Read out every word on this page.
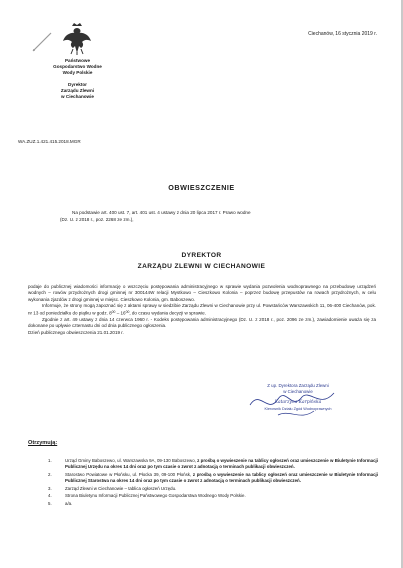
Państwowe
Gospodarstwo Wodne
Wody Polskie
Dyrektor
Zarządu Zlewni
w Ciechanowie
WA.ZUZ.1.421.415.2018.MGR
Ciechanów, 16 stycznia 2019 r.
OBWIESZCZENIE
Na podstawie art. 400 ust. 7, art. 401 ust. 4 ustawy z dnia 20 lipca 2017 r. Prawo wodne
(Dz. U. z 2018 r., poz. 2268 ze zm.),
DYREKTOR
ZARZĄDU ZLEWNI W CIECHANOWIE

podaje do publicznej wiadomości informację o wszczęciu postępowania administracyjnego w sprawie wydania pozwolenia wodnoprawnego na przebudowę urządzeń wodnych – rowów przydrożnych drogi gminnej nr 300144W relacji Mystkowo – Cieszkowo Kolonia – poprzez budowę przepustów na rowach przydrożnych, w celu wykonania zjazdów z drogi gminnej w miejsc. Cieszkowo Kolonia, gm. Baboszewo.

Informuje, że strony mogą zapoznać się z aktami sprawy w siedzibie Zarządu Zlewni w Ciechanowie przy ul. Powstańców Warszawskich 11, 06-400 Ciechanów, pok. nr 13 od poniedziałku do piątku w godz. $8^{00} - 16^{00}$, do czasu wydania decyzji w sprawie.

Zgodnie z art. 49 ustawy z dnia 14 czerwca 1960 r. - Kodeks postępowania administracyjnego (Dz. U. z 2018 r., poz. 2096 ze zm.), zawiadomienie uważa się za dokonane po upływie czternastu dni od dnia publicznego ogłoszenia.

Dzień publicznego obwieszczenia 21.01.2019 r.

Z up. Dyrektora Zarządu Zlewni
w Ciechanowie
Katarzyna Karpińska
Kierownik Działu Zgód Wodnoprawnych
Otrzymują:
1.	Urząd Gminy Baboszewo, ul. Warszawska 9A, 09-130 Baboszewo, z prośbą o wywieszenie na tablicy ogłoszeń oraz umieszczenie w Biuletynie Informacji Publicznej Urzędu na okres 14 dni oraz po tym czasie o zwrot z adnotacją o terminach publikacji obwieszczeń.
2.	Starostwo Powiatowe w Płońsku, ul. Płocka 39, 09-100 Płońsk, z prośbą o wywieszenie na tablicy ogłoszeń oraz umieszczenie w Biuletynie Informacji Publicznej Starostwa na okres 14 dni oraz po tym czasie o zwrot z adnotacją o terminach publikacji obwieszczeń.
3.	Zarząd Zlewni w Ciechanowie – tablica ogłoszeń Urzędu.
4.	Strona Biuletynu Informacji Publicznej Państwowego Gospodarstwa Wodnego Wody Polskie.
5.	a/a.
